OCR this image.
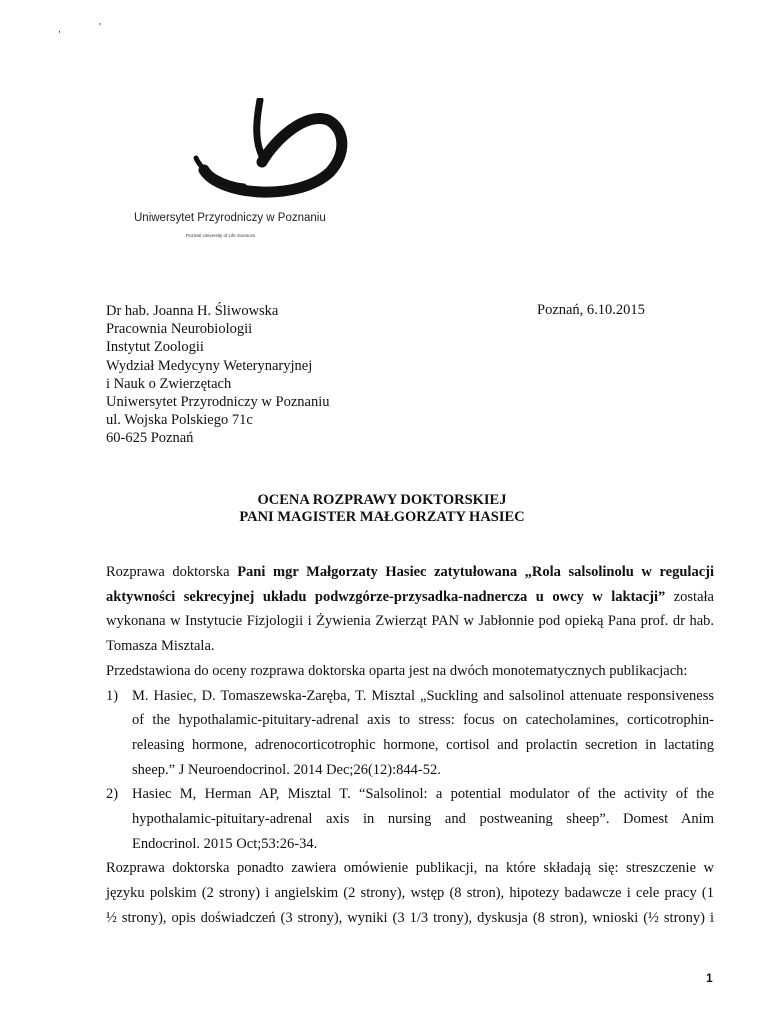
,	'
Uniwersytet Przyrodniczy w Poznaniu
Poznań University of Life Sciences
Dr hab. Joanna H. Śliwowska
Pracownia Neurobiologii
Instytut Zoologii
Wydział Medycyny Weterynaryjnej
i Nauk o Zwierzętach
Uniwersytet Przyrodniczy w Poznaniu
ul. Wojska Polskiego 71c
60-625 Poznań
Poznań, 6.10.2015
OCENA ROZPRAWY DOKTORSKIEJ
PANI MAGISTER MAŁGORZATY HASIEC

Rozprawa doktorska Pani mgr Małgorzaty Hasiec zatytułowana „Rola salsolinolu w regulacji
aktywności sekrecyjnej układu podwzgórze-przysadka-nadnercza u owcy w laktacji” została
wykonana w Instytucie Fizjologii i Żywienia Zwierząt PAN w Jabłonnie pod opieką Pana prof. dr hab.
Tomasza Misztala.

Przedstawiona do oceny rozprawa doktorska oparta jest na dwóch monotematycznych publikacjach:

1) M. Hasiec, D. Tomaszewska-Zaręba, T. Misztal „Suckling and salsolinol attenuate responsiveness
of the hypothalamic-pituitary-adrenal axis to stress: focus on catecholamines, corticotrophin-
releasing hormone, adrenocorticotrophic hormone, cortisol and prolactin secretion in lactating
sheep.” J Neuroendocrinol. 2014 Dec;26(12):844-52.
2) Hasiec M, Herman AP, Misztal T. “Salsolinol: a potential modulator of the activity of the
hypothalamic-pituitary-adrenal axis in nursing and postweaning sheep”. Domest Anim
Endocrinol. 2015 Oct;53:26-34.

Rozprawa doktorska ponadto zawiera omówienie publikacji, na które składają się: streszczenie w
języku polskim (2 strony) i angielskim (2 strony), wstęp (8 stron), hipotezy badawcze i cele pracy (1
½ strony), opis doświadczeń (3 strony), wyniki (3 1/3 trony), dyskusja (8 stron), wnioski (½ strony) i

1
